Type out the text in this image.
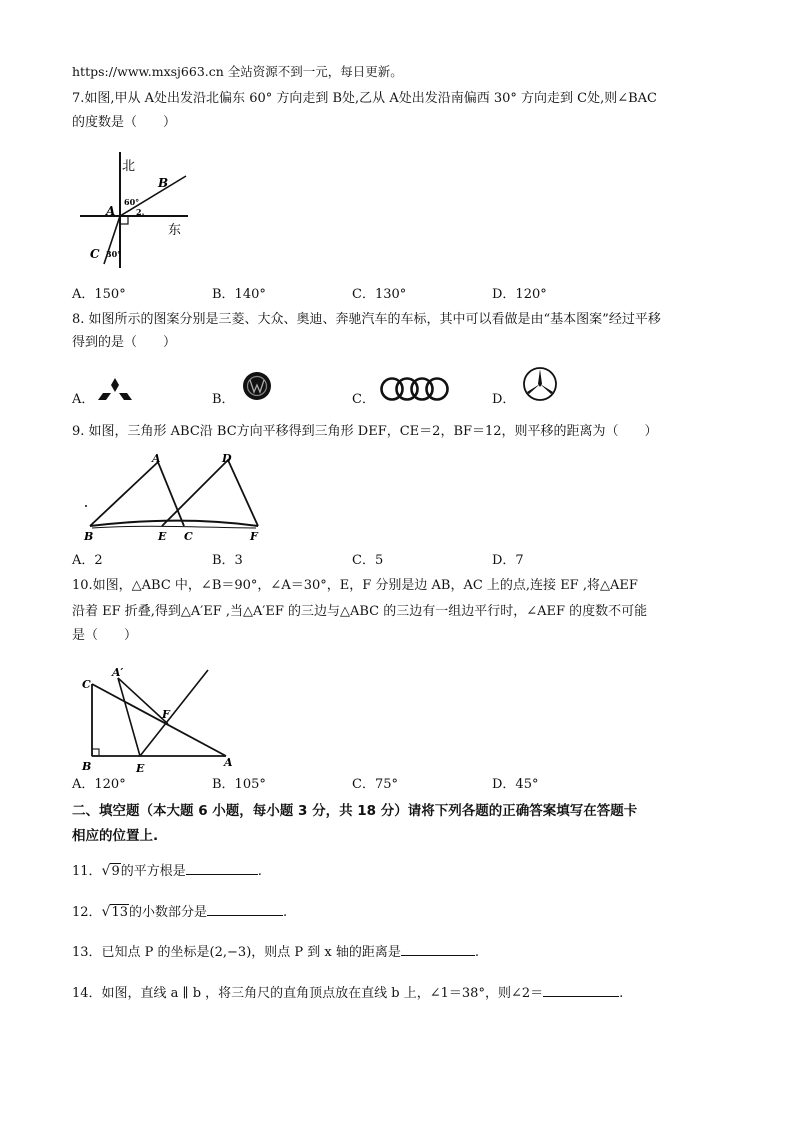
https://www.mxsj663.cn 全站资源不到一元，每日更新。
7.如图,甲从 A处出发沿北偏东 60° 方向走到 B处,乙从 A处出发沿南偏西 30° 方向走到 C处,则∠BAC
的度数是（　　）
北
B
60°
2.
A
东
C 30°
A．150°	B．140°	C．130°	D．120°
8. 如图所示的图案分别是三菱、大众、奥迪、奔驰汽车的车标，其中可以看做是由“基本图案”经过平移
得到的是（　　）
A．	B．	C．	D．
9. 如图，三角形 ABC沿 BC方向平移得到三角形 DEF，CE＝2，BF＝12，则平移的距离为（　　）
A	D
B	E C	F
A．2	B．3	C．5	D．7
10.如图，△ABC 中，∠B＝90°，∠A＝30°，E，F 分别是边 AB，AC 上的点,连接 EF ,将△AEF
沿着 EF 折叠,得到△A′EF ,当△A′EF 的三边与△ABC 的三边有一组边平行时，∠AEF 的度数不可能
是（　　）
C
A′
F
B	E	A
A．120°	B．105°	C．75°	D．45°
二、填空题（本大题 6 小题，每小题 3 分，共 18 分）请将下列各题的正确答案填写在答题卡
相应的位置上.
11．√9的平方根是	.
12．√13的小数部分是	.
13．已知点 P 的坐标是(2,−3)，则点 P 到 x 轴的距离是	.
14．如图，直线 a ∥ b ，将三角尺的直角顶点放在直线 b 上，∠1＝38°，则∠2＝	.
